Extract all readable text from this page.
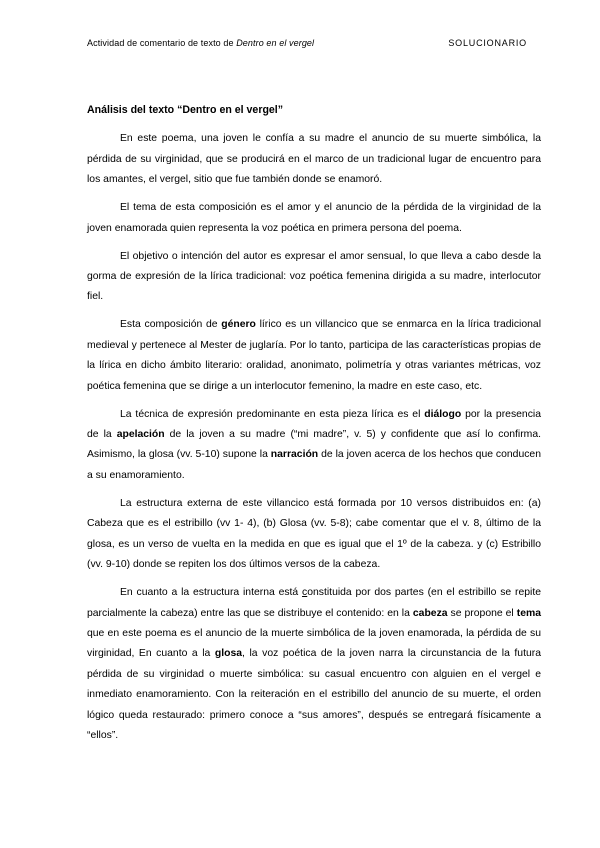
Actividad de comentario de texto de Dentro en el vergel	SOLUCIONARIO
Análisis del texto “Dentro en el vergel”

En este poema, una joven le confía a su madre el anuncio de su muerte simbólica, la pérdida de su virginidad, que se producirá en el marco de un tradicional lugar de encuentro para los amantes, el vergel, sitio que fue también donde se enamoró.

El tema de esta composición es el amor y el anuncio de la pérdida de la virginidad de la joven enamorada quien representa la voz poética en primera persona del poema.

El objetivo o intención del autor es expresar el amor sensual, lo que lleva a cabo desde la gorma de expresión de la lírica tradicional: voz poética femenina dirigida a su madre, interlocutor fiel.

Esta composición de género lírico es un villancico que se enmarca en la lírica tradicional medieval y pertenece al Mester de juglaría. Por lo tanto, participa de las características propias de la lírica en dicho ámbito literario: oralidad, anonimato, polimetría y otras variantes métricas, voz poética femenina que se dirige a un interlocutor femenino, la madre en este caso, etc.

La técnica de expresión predominante en esta pieza lírica es el diálogo por la presencia de la apelación de la joven a su madre (“mi madre”, v. 5) y confidente que así lo confirma. Asimismo, la glosa (vv. 5-10) supone la narración de la joven acerca de los hechos que conducen a su enamoramiento.

La estructura externa de este villancico está formada por 10 versos distribuidos en: (a) Cabeza que es el estribillo (vv 1- 4), (b) Glosa (vv. 5-8); cabe comentar que el v. 8, último de la glosa, es un verso de vuelta en la medida en que es igual que el 1º de la cabeza. y (c) Estribillo (vv. 9-10) donde se repiten los dos últimos versos de la cabeza.

En cuanto a la estructura interna está constituida por dos partes (en el estribillo se repite parcialmente la cabeza) entre las que se distribuye el contenido: en la cabeza se propone el tema que en este poema es el anuncio de la muerte simbólica de la joven enamorada, la pérdida de su virginidad, En cuanto a la glosa, la voz poética de la joven narra la circunstancia de la futura pérdida de su virginidad o muerte simbólica: su casual encuentro con alguien en el vergel e inmediato enamoramiento. Con la reiteración en el estribillo del anuncio de su muerte, el orden lógico queda restaurado: primero conoce a “sus amores”, después se entregará físicamente a “ellos”.
